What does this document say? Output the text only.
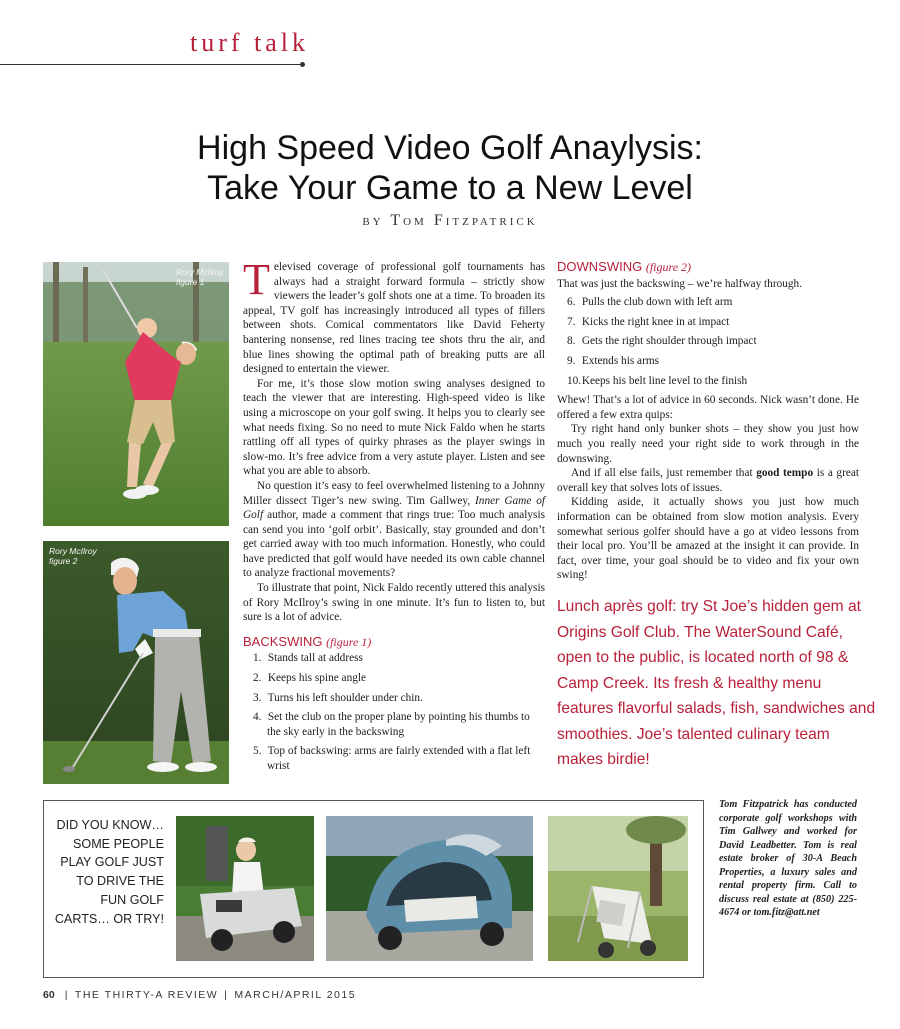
turf talk
High Speed Video Golf Anaylysis:
Take Your Game to a New Level
by Tom Fitzpatrick
Rory McIlroy
figure 1
Rory McIlroy
figure 2

Televised coverage of professional golf tournaments has always had a straight forward formula – strictly show viewers the leader’s golf shots one at a time. To broaden its appeal, TV golf has increasingly introduced all types of fillers between shots. Comical commentators like David Feherty bantering nonsense, red lines tracing tee shots thru the air, and blue lines showing the optimal path of breaking putts are all designed to entertain the viewer.

For me, it’s those slow motion swing analyses designed to teach the viewer that are interesting. High-speed video is like using a microscope on your golf swing. It helps you to clearly see what needs fixing. So no need to mute Nick Faldo when he starts rattling off all types of quirky phrases as the player swings in slow-mo. It’s free advice from a very astute player. Listen and see what you are able to absorb.

No question it’s easy to feel overwhelmed listening to a Johnny Miller dissect Tiger’s new swing. Tim Gallwey, Inner Game of Golf author, made a comment that rings true: Too much analysis can send you into ‘golf orbit’. Basically, stay grounded and don’t get carried away with too much information. Honestly, who could have predicted that golf would have needed its own cable channel to analyze fractional movements?

To illustrate that point, Nick Faldo recently uttered this analysis of Rory McIlroy’s swing in one minute. It’s fun to listen to, but sure is a lot of advice.

BACKSWING (figure 1)
1. Stands tall at address
2. Keeps his spine angle
3. Turns his left shoulder under chin.
4. Set the club on the proper plane by pointing his thumbs to the sky early in the backswing
5. Top of backswing: arms are fairly extended with a flat left wrist
DOWNSWING (figure 2)

That was just the backswing – we’re halfway through.

6. Pulls the club down with left arm
7. Kicks the right knee in at impact
8. Gets the right shoulder through impact
9. Extends his arms
10. Keeps his belt line level to the finish

Whew! That’s a lot of advice in 60 seconds. Nick wasn’t done. He offered a few extra quips:

Try right hand only bunker shots – they show you just how much you really need your right side to work through in the downswing.

And if all else fails, just remember that good tempo is a great overall key that solves lots of issues.

Kidding aside, it actually shows you just how much information can be obtained from slow motion analysis. Every somewhat serious golfer should have a go at video lessons from their local pro. You’ll be amazed at the insight it can provide. In fact, over time, your goal should be to video and fix your own swing!

Lunch après golf: try St Joe’s hidden gem at Origins Golf Club. The WaterSound Café, open to the public, is located north of 98 & Camp Creek. Its fresh & healthy menu features flavorful salads, fish, sandwiches and smoothies. Joe’s talented culinary team makes birdie!
DID YOU KNOW…SOME PEOPLE PLAY GOLF JUST TO DRIVE THE FUN GOLF CARTS… OR TRY!
Tom Fitzpatrick has conducted corporate golf workshops with Tim Gallwey and worked for David Leadbetter. Tom is real estate broker of 30-A Beach Properties, a luxury sales and rental property firm. Call to discuss real estate at (850) 225-4674 or tom.fitz@att.net
60 | THE THIRTY-A REVIEW | MARCH/APRIL 2015
